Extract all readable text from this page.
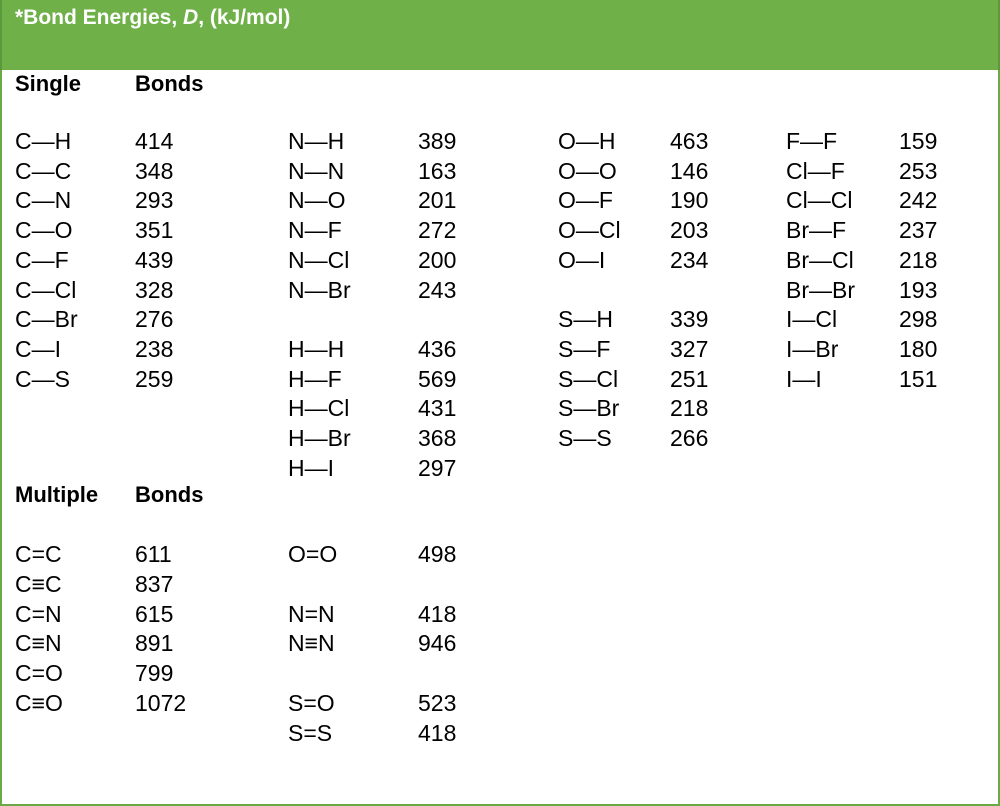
*Bond Energies, D, (kJ/mol)
Single Bonds
Multiple Bonds
C—H	414
C—C	348
C—N	293
C—O	351
C—F	439
C—Cl	328
C—Br 276
C—I	238
C—S	259
N—H	389
N—N	163
N—O	201
N—F	272
N—Cl	200
N—Br	243
H—H	436
H—F	569
H—Cl	431
H—Br	368
H—I	297
O—H 463
O—O 146
O—F 190
O—Cl 203
O—I	234
S—H 339
S—F	327
S—Cl 251
S—Br 218
S—S	266
F—F	159
Cl—F 253
Cl—Cl 242
Br—F 237
Br—Cl 218
Br—Br 193
I—Cl	298
I—Br	180
I—I	151
C=C	611
C≡C	837
C=N	615
C≡N	891
C=O	799
C≡O	1072
O=O	498
N=N	418
N≡N	946
S=O	523
S=S	418
